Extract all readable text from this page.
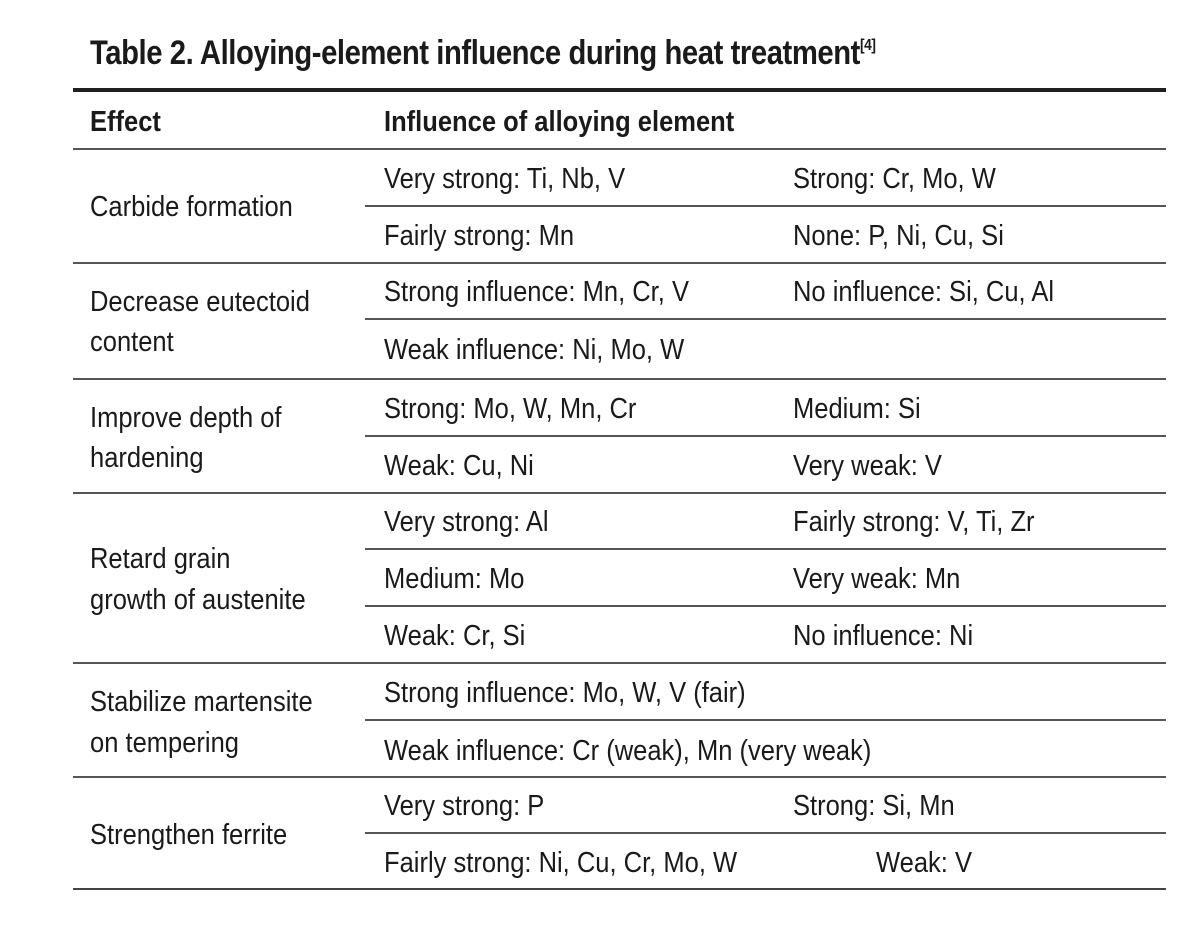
Table 2. Alloying-element influence during heat treatment[4]
Effect	Influence of alloying element
Carbide formation
Very strong: Ti, Nb, V	Strong: Cr, Mo, W
Fairly strong: Mn	None: P, Ni, Cu, Si
Decrease eutectoid
content
Strong influence: Mn, Cr, V	No influence: Si, Cu, Al
Weak influence: Ni, Mo, W
Improve depth of
hardening
Strong: Mo, W, Mn, Cr	Medium: Si
Weak: Cu, Ni	Very weak: V
Retard grain
growth of austenite
Very strong: Al	Fairly strong: V, Ti, Zr
Medium: Mo	Very weak: Mn
Weak: Cr, Si	No influence: Ni
Stabilize martensite
on tempering
Strong influence: Mo, W, V (fair)
Weak influence: Cr (weak), Mn (very weak)
Strengthen ferrite
Very strong: P	Strong: Si, Mn
Fairly strong: Ni, Cu, Cr, Mo, W	Weak: V
